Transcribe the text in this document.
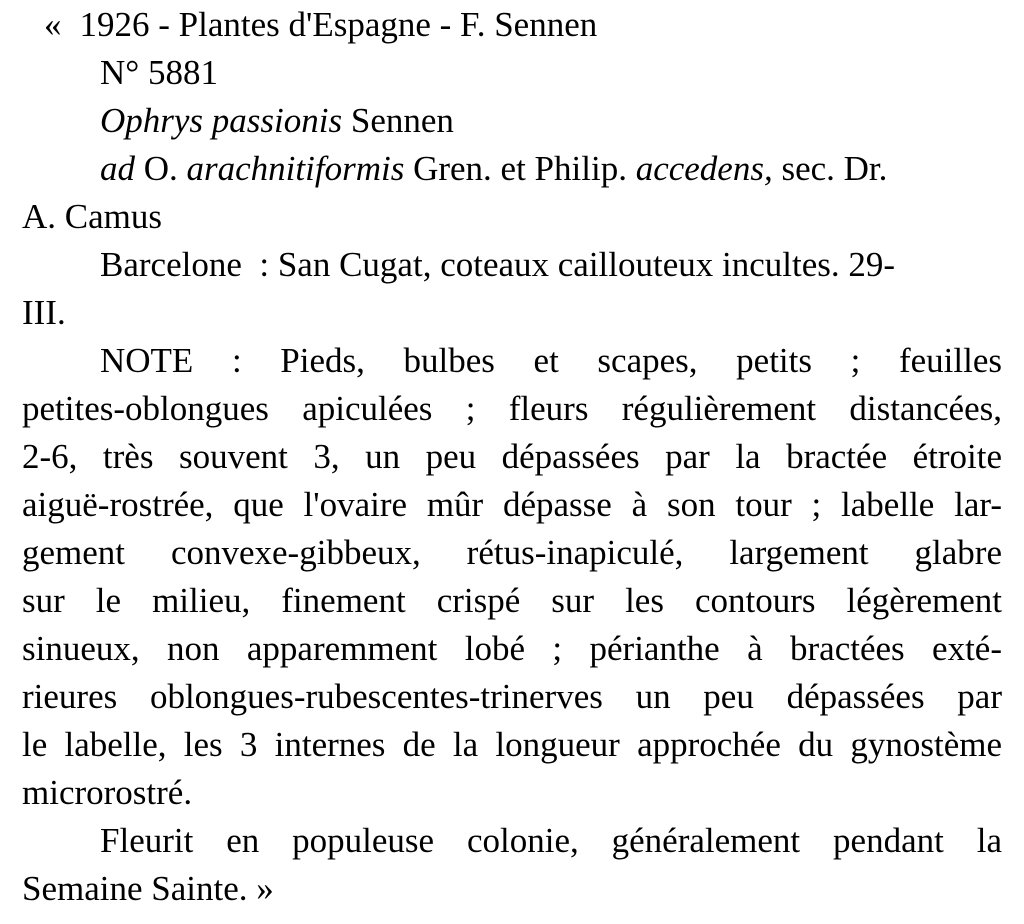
« 1926 - Plantes d'Espagne - F. Sennen
N° 5881
Ophrys passionis Sennen
ad O. arachnitiformis Gren. et Philip. accedens, sec. Dr.
A. Camus
Barcelone  : San Cugat, coteaux caillouteux incultes. 29-
III.
NOTE : Pieds, bulbes et scapes, petits ; feuilles
petites-oblongues apiculées ; fleurs régulièrement distancées,
2-6, très souvent 3, un peu dépassées par la bractée étroite
aiguë-rostrée, que l'ovaire mûr dépasse à son tour ; labelle lar-
gement convexe-gibbeux, rétus-inapiculé, largement glabre
sur le milieu, finement crispé sur les contours légèrement
sinueux, non apparemment lobé ; périanthe à bractées exté-
rieures oblongues-rubescentes-trinerves un peu dépassées par
le labelle, les 3 internes de la longueur approchée du gynostème
microrostré.
Fleurit en populeuse colonie, généralement pendant la
Semaine Sainte. »
